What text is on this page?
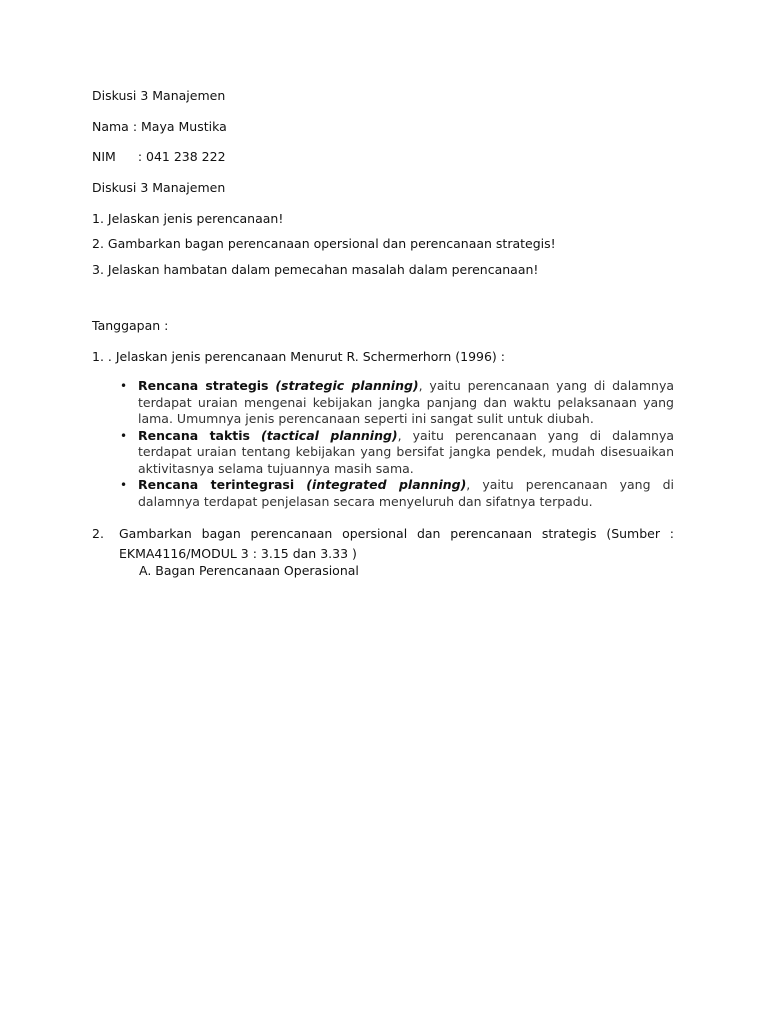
Diskusi 3 Manajemen
Nama : Maya Mustika
NIM : 041 238 222
Diskusi 3 Manajemen
1. Jelaskan jenis perencanaan!
2. Gambarkan bagan perencanaan opersional dan perencanaan strategis!
3. Jelaskan hambatan dalam pemecahan masalah dalam perencanaan!
Tanggapan :
1. . Jelaskan jenis perencanaan Menurut R. Schermerhorn (1996) :
• Rencana strategis (strategic planning), yaitu perencanaan yang di dalamnya terdapat uraian mengenai kebijakan jangka panjang dan waktu pelaksanaan yang lama. Umumnya jenis perencanaan seperti ini sangat sulit untuk diubah.
• Rencana taktis (tactical planning), yaitu perencanaan yang di dalamnya terdapat uraian tentang kebijakan yang bersifat jangka pendek, mudah disesuaikan aktivitasnya selama tujuannya masih sama.
• Rencana terintegrasi (integrated planning), yaitu perencanaan yang di dalamnya terdapat penjelasan secara menyeluruh dan sifatnya terpadu.
2.	Gambarkan bagan perencanaan opersional dan perencanaan strategis (Sumber : EKMA4116/MODUL 3 : 3.15 dan 3.33 )
A. Bagan Perencanaan Operasional
